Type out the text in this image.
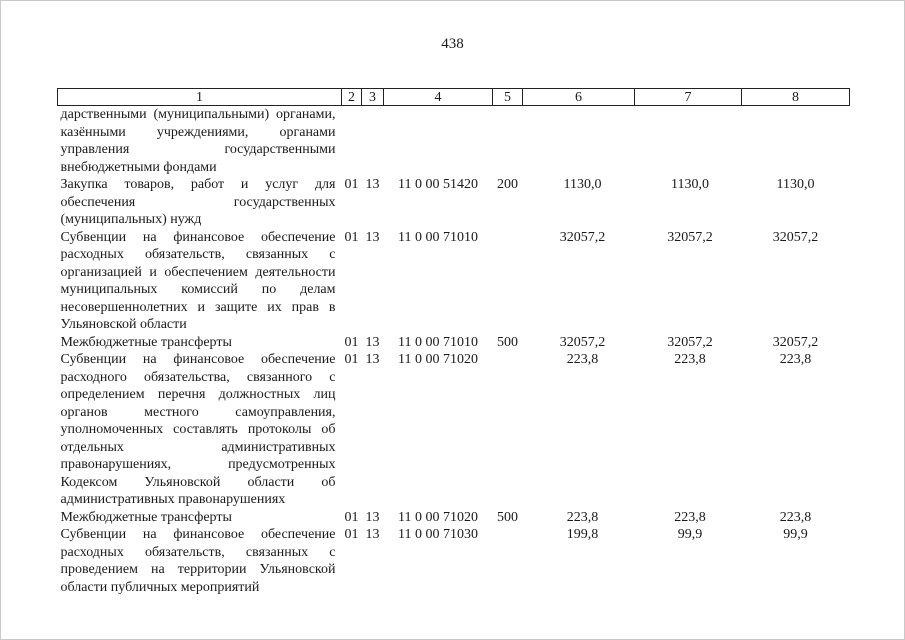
438
1	2	3	4	5	6	7	8
дарственными (муниципальными) органами, казёнными учреждениями, органами управления государственными внебюджетными фондами							
Закупка товаров, работ и услуг для обеспечения государственных (муниципальных) нужд	01	13	11 0 00 51420	200	1130,0	1130,0	1130,0
Субвенции на финансовое обеспечение расходных обязательств, связанных с организацией и обеспечением деятельности муниципальных комиссий по делам несовершеннолетних и защите их прав в Ульяновской области	01	13	11 0 00 71010		32057,2	32057,2	32057,2
Межбюджетные трансферты	01	13	11 0 00 71010	500	32057,2	32057,2	32057,2
Субвенции на финансовое обеспечение расходного обязательства, связанного с определением перечня должностных лиц органов местного самоуправления, уполномоченных составлять протоколы об отдельных административных правонарушениях, предусмотренных Кодексом Ульяновской области об административных правонарушениях	01	13	11 0 00 71020		223,8	223,8	223,8
Межбюджетные трансферты	01	13	11 0 00 71020	500	223,8	223,8	223,8
Субвенции на финансовое обеспечение расходных обязательств, связанных с проведением на территории Ульяновской области публичных мероприятий	01	13	11 0 00 71030		199,8	99,9	99,9
